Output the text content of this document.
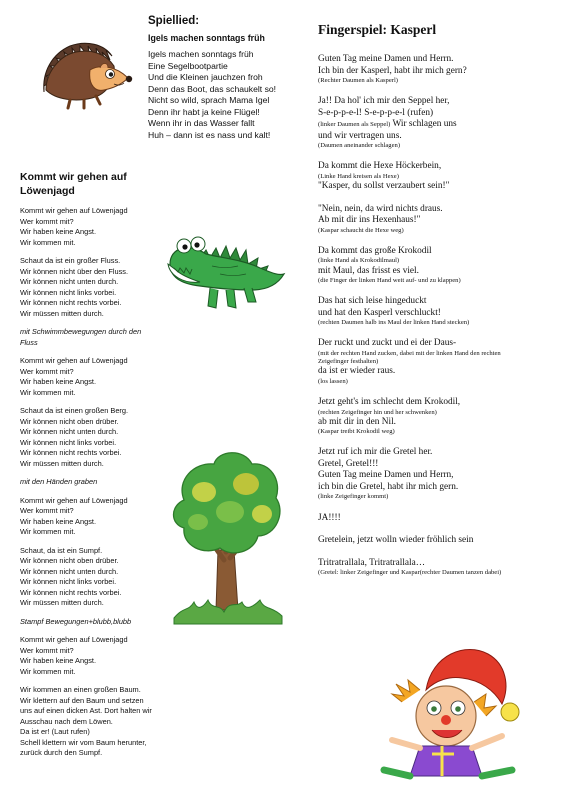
Spiellied:
Igels machen sonntags früh
Igels machen sonntags früh
Eine Segelbootpartie
Und die Kleinen jauchzen froh
Denn das Boot, das schaukelt so!
Nicht so wild, sprach Mama Igel
Denn ihr habt ja keine Flügel!
Wenn ihr in das Wasser fallt
Huh – dann ist es nass und kalt!
Kommt wir gehen auf
Löwenjagd
Kommt wir gehen auf Löwenjagd
Wer kommt mit?
Wir haben keine Angst.
Wir kommen mit.
Schaut da ist ein großer Fluss.
Wir können nicht über den Fluss.
Wir können nicht unten durch.
Wir können nicht links vorbei.
Wir können nicht rechts vorbei.
Wir müssen mitten durch.
mit Schwimmbewegungen durch den
Fluss
Kommt wir gehen auf Löwenjagd
Wer kommt mit?
Wir haben keine Angst.
Wir kommen mit.
Schaut da ist einen großen Berg.
Wir können nicht oben drüber.
Wir können nicht unten durch.
Wir können nicht links vorbei.
Wir können nicht rechts vorbei.
Wir müssen mitten durch.
mit den Händen graben
Kommt wir gehen auf Löwenjagd
Wer kommt mit?
Wir haben keine Angst.
Wir kommen mit.
Schaut, da ist ein Sumpf.
Wir können nicht oben drüber.
Wir können nicht unten durch.
Wir können nicht links vorbei.
Wir können nicht rechts vorbei.
Wir müssen mitten durch.
Stampf Bewegungen+blubb,blubb
Kommt wir gehen auf Löwenjagd
Wer kommt mit?
Wir haben keine Angst.
Wir kommen mit.
Wir kommen an einen großen Baum.
Wir klettern auf den Baum und setzen
uns auf einen dicken Ast. Dort halten wir
Ausschau nach dem Löwen.
Da ist er! (Laut rufen)
Schell klettern wir vom Baum herunter,
zurück durch den Sumpf.
Fingerspiel: Kasperl
Guten Tag meine Damen und Herrn.
Ich bin der Kasperl, habt ihr mich gern?
(Rechter Daumen als Kasperl)
Ja!! Da hol' ich mir den Seppel her,
S-e-p-p-e-l! S-e-p-p-e-l (rufen)
(linker Daumen als Seppel) Wir schlagen uns
und wir vertragen uns.
(Daumen aneinander schlagen)
Da kommt die Hexe Höckerbein,
(Linke Hand kreisen als Hexe)
"Kasper, du sollst verzaubert sein!"
"Nein, nein, da wird nichts draus.
Ab mit dir ins Hexenhaus!"
(Kaspar schaucht die Hexe weg)
Da kommt das große Krokodil
(linke Hand als Krokodilmaul)
mit Maul, das frisst es viel.
(die Finger der linken Hand weit auf- und zu klappen)
Das hat sich leise hingeduckt
und hat den Kasperl verschluckt!
(rechten Daumen halb ins Maul der linken Hand stecken)
Der ruckt und zuckt und ei der Daus-
(mit der rechten Hand zucken, dabei mit der linken Hand den rechten
Zeigefinger festhalten)
da ist er wieder raus.
(los lassen)
Jetzt geht's im schlecht dem Krokodil,
(rechten Zeigefinger hin und her schwenken)
ab mit dir in den Nil.
(Kaspar treibt Krokodil weg)
Jetzt ruf ich mir die Gretel her.
Gretel, Gretel!!!
Guten Tag meine Damen und Herrn,
ich bin die Gretel, habt ihr mich gern.
(linke Zeigefinger kommt)
JA!!!!
Gretelein, jetzt wolln wieder fröhlich sein
Tritratrallala, Tritratrallala…
(Gretel: linker Zeigefinger und Kaspar(rechter Daumen tanzen dabei)
